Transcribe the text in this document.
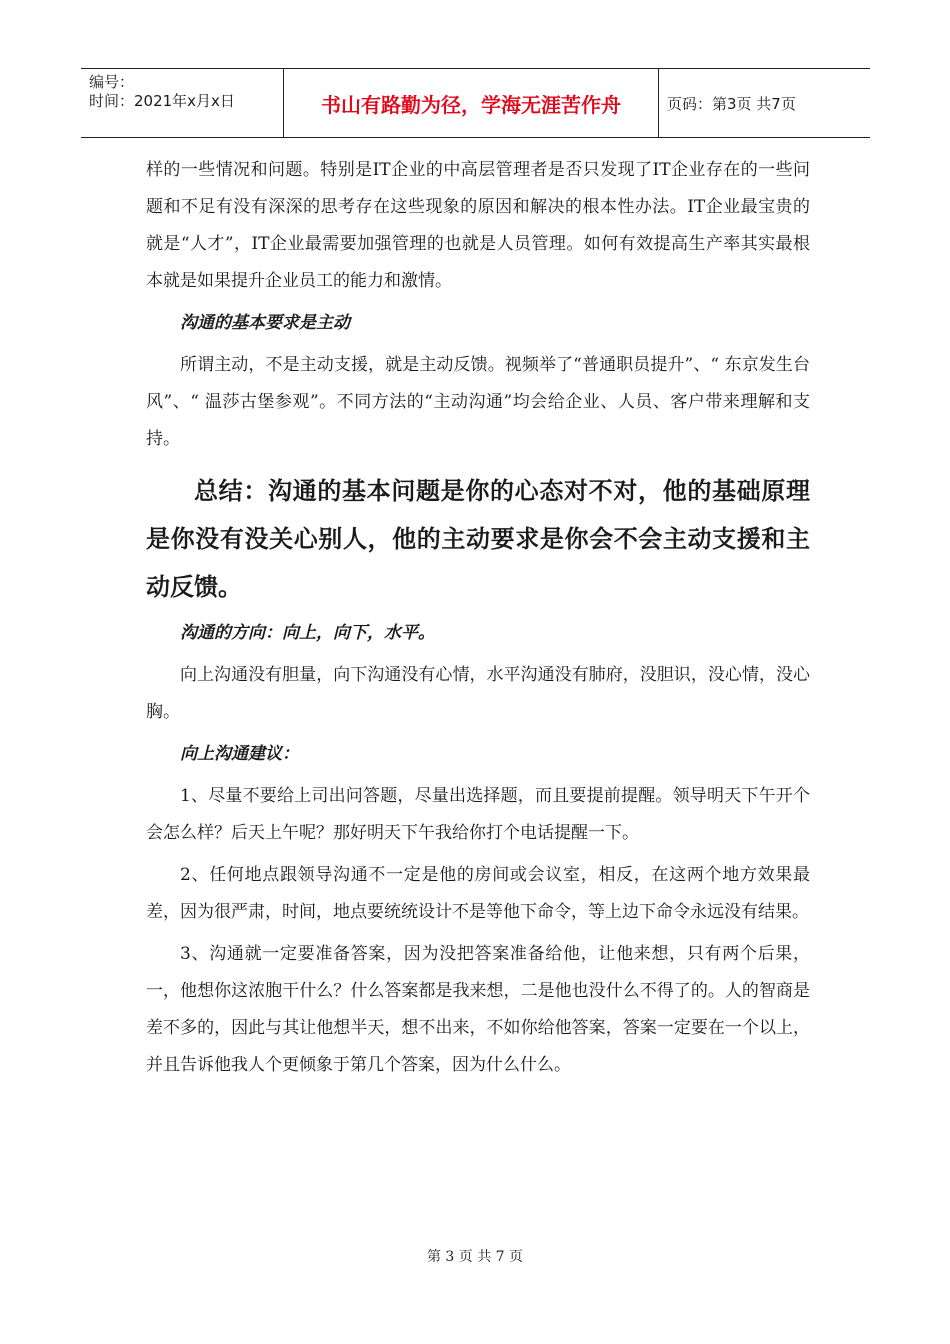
编号：
时间：2021年x月x日	书山有路勤为径，学海无涯苦作舟	页码：第3页 共7页

样的一些情况和问题。特别是IT企业的中高层管理者是否只发现了IT企业存在的一些问题和不足有没有深深的思考存在这些现象的原因和解决的根本性办法。IT企业最宝贵的就是“人才”，IT企业最需要加强管理的也就是人员管理。如何有效提高生产率其实最根本就是如果提升企业员工的能力和激情。

沟通的基本要求是主动

所谓主动，不是主动支援，就是主动反馈。视频举了“普通职员提升”、“ 东京发生台风”、“ 温莎古堡参观”。不同方法的“主动沟通”均会给企业、人员、客户带来理解和支持。

总结：沟通的基本问题是你的心态对不对，他的基础原理是你没有没关心别人，他的主动要求是你会不会主动支援和主动反馈。

沟通的方向：向上，向下，水平。

向上沟通没有胆量，向下沟通没有心情，水平沟通没有肺府，没胆识，没心情，没心胸。

向上沟通建议：

1、尽量不要给上司出问答题，尽量出选择题，而且要提前提醒。领导明天下午开个会怎么样？后天上午呢？那好明天下午我给你打个电话提醒一下。

2、任何地点跟领导沟通不一定是他的房间或会议室，相反，在这两个地方效果最差，因为很严肃，时间，地点要统统设计不是等他下命令，等上边下命令永远没有结果。

3、沟通就一定要准备答案，因为没把答案准备给他，让他来想，只有两个后果，一，他想你这浓胞干什么？什么答案都是我来想，二是他也没什么不得了的。人的智商是差不多的，因此与其让他想半天，想不出来，不如你给他答案，答案一定要在一个以上，并且告诉他我人个更倾象于第几个答案，因为什么什么。

第 3 页 共 7 页
